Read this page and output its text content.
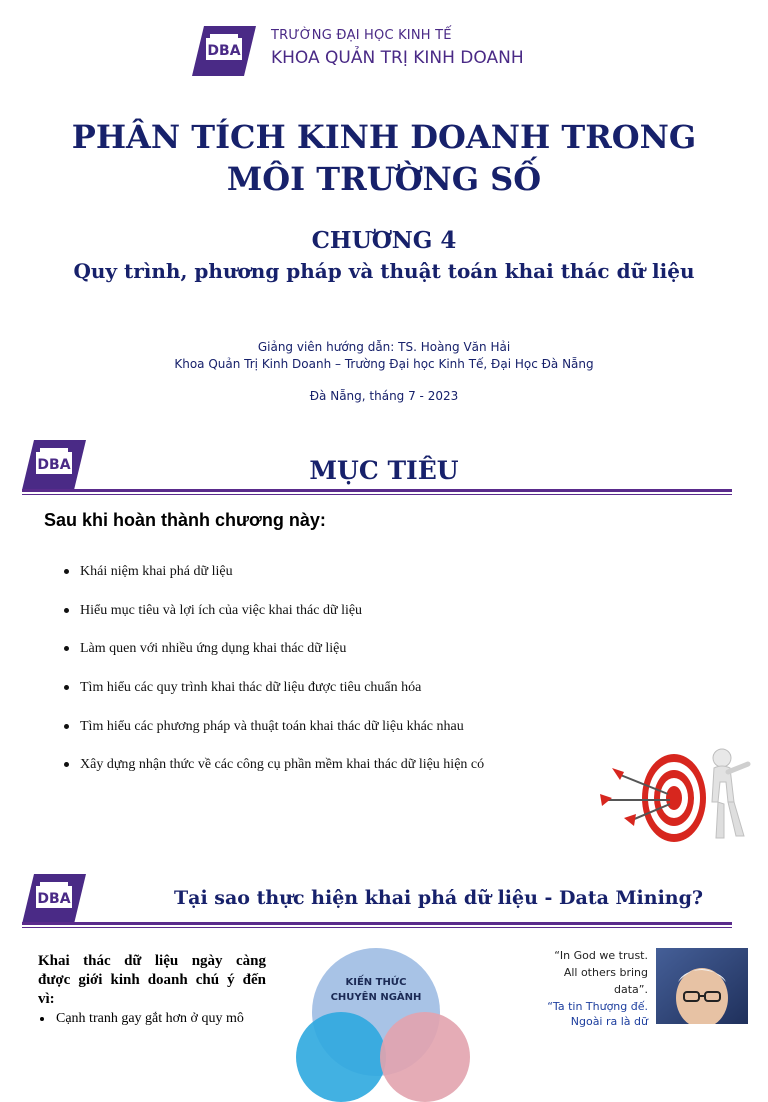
DBA
TRƯỜNG ĐẠI HỌC KINH TẾ
KHOA QUẢN TRỊ KINH DOANH
PHÂN TÍCH KINH DOANH TRONG
MÔI TRƯỜNG SỐ
CHƯƠNG 4
Quy trình, phương pháp và thuật toán khai thác dữ liệu
Giảng viên hướng dẫn: TS. Hoàng Văn Hải
Khoa Quản Trị Kinh Doanh – Trường Đại học Kinh Tế, Đại Học Đà Nẵng
Đà Nẵng, tháng 7 - 2023
DBA	MỤC TIÊU
Sau khi hoàn thành chương này:
Khái niệm khai phá dữ liệu
Hiểu mục tiêu và lợi ích của việc khai thác dữ liệu
Làm quen với nhiều ứng dụng khai thác dữ liệu
Tìm hiểu các quy trình khai thác dữ liệu được tiêu chuẩn hóa
Tìm hiểu các phương pháp và thuật toán khai thác dữ liệu khác nhau
Xây dựng nhận thức về các công cụ phần mềm khai thác dữ liệu hiện có
DBA	Tại sao thực hiện khai phá dữ liệu - Data Mining?
Khai thác dữ liệu ngày càng
được giới kinh doanh chú ý đến
vì:
Cạnh tranh gay gắt hơn ở quy mô
KIẾN THỨC
CHUYÊN NGÀNH
“In God we trust.
All others bring
data”.
“Ta tin Thượng đế.
Ngoài ra là dữ
